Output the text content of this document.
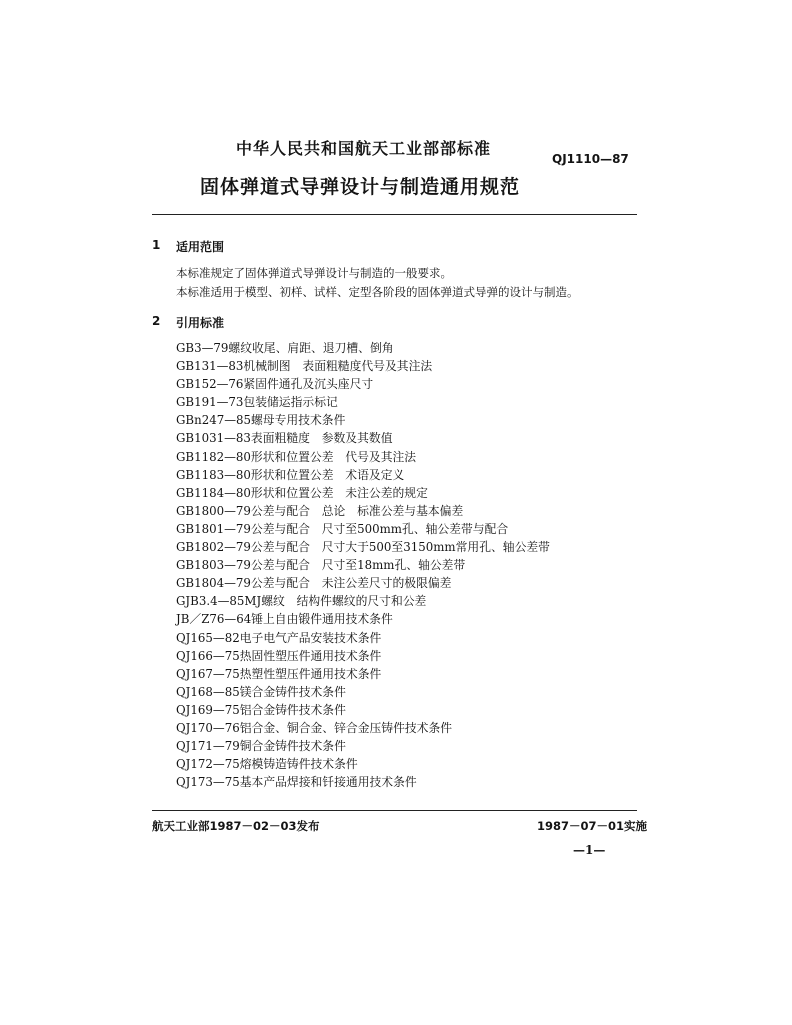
中华人民共和国航天工业部部标准
QJ1110—87
固体弹道式导弹设计与制造通用规范
1 适用范围
本标准规定了固体弹道式导弹设计与制造的一般要求。
本标准适用于模型、初样、试样、定型各阶段的固体弹道式导弹的设计与制造。
2 引用标准
GB3—79螺纹收尾、肩距、退刀槽、倒角
GB131—83机械制图　表面粗糙度代号及其注法
GB152—76紧固件通孔及沉头座尺寸
GB191—73包装储运指示标记
GBn247—85螺母专用技术条件
GB1031—83表面粗糙度　参数及其数值
GB1182—80形状和位置公差　代号及其注法
GB1183—80形状和位置公差　术语及定义
GB1184—80形状和位置公差　未注公差的规定
GB1800—79公差与配合　总论　标准公差与基本偏差
GB1801—79公差与配合　尺寸至500mm孔、轴公差带与配合
GB1802—79公差与配合　尺寸大于500至3150mm常用孔、轴公差带
GB1803—79公差与配合　尺寸至18mm孔、轴公差带
GB1804—79公差与配合　未注公差尺寸的极限偏差
GJB3.4—85MJ螺纹　结构件螺纹的尺寸和公差
JB／Z76—64锤上自由锻件通用技术条件
QJ165—82电子电气产品安装技术条件
QJ166—75热固性塑压件通用技术条件
QJ167—75热塑性塑压件通用技术条件
QJ168—85镁合金铸件技术条件
QJ169—75铝合金铸件技术条件
QJ170—76铝合金、铜合金、锌合金压铸件技术条件
QJ171—79铜合金铸件技术条件
QJ172—75熔模铸造铸件技术条件
QJ173—75基本产品焊接和钎接通用技术条件
航天工业部1987－02－03发布	1987－07－01实施
—1—
